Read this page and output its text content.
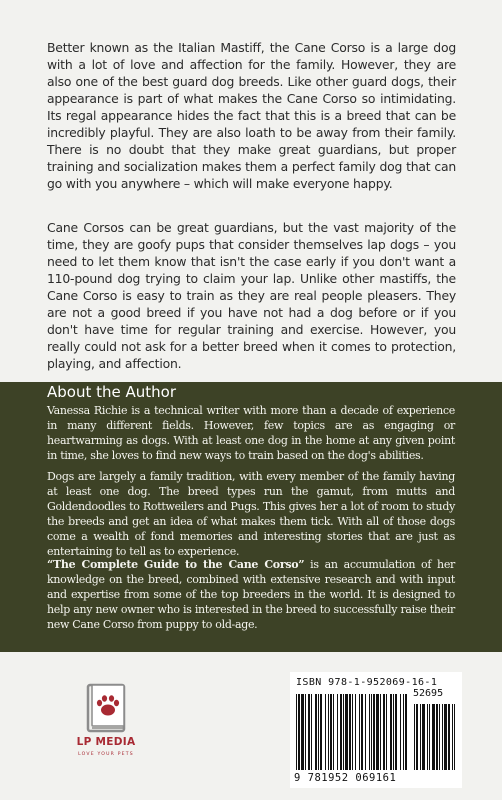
Better known as the Italian Mastiff, the Cane Corso is a large dog with a lot of love and affection for the family. However, they are also one of the best guard dog breeds. Like other guard dogs, their appearance is part of what makes the Cane Corso so intimidating. Its regal appearance hides the fact that this is a breed that can be incredibly playful. They are also loath to be away from their family. There is no doubt that they make great guardians, but proper training and socialization makes them a perfect family dog that can go with you anywhere – which will make everyone happy.

Cane Corsos can be great guardians, but the vast majority of the time, they are goofy pups that consider themselves lap dogs – you need to let them know that isn't the case early if you don't want a 110-pound dog trying to claim your lap. Unlike other mastiffs, the Cane Corso is easy to train as they are real people pleasers. They are not a good breed if you have not had a dog before or if you don't have time for regular training and exercise. However, you really could not ask for a better breed when it comes to protection, playing, and affection.

About the Author

Vanessa Richie is a technical writer with more than a decade of experience in many different fields. However, few topics are as engaging or heartwarming as dogs. With at least one dog in the home at any given point in time, she loves to find new ways to train based on the dog's abilities.

Dogs are largely a family tradition, with every member of the family having at least one dog. The breed types run the gamut, from mutts and Goldendoodles to Rottweilers and Pugs. This gives her a lot of room to study the breeds and get an idea of what makes them tick. With all of those dogs come a wealth of fond memories and interesting stories that are just as entertaining to tell as to experience.

“The Complete Guide to the Cane Corso” is an accumulation of her knowledge on the breed, combined with extensive research and with input and expertise from some of the top breeders in the world. It is designed to help any new owner who is interested in the breed to successfully raise their new Cane Corso from puppy to old-age.

LP MEDIA
LOVE YOUR PETS
ISBN 978-1-952069-16-1
52695
9 781952 069161
